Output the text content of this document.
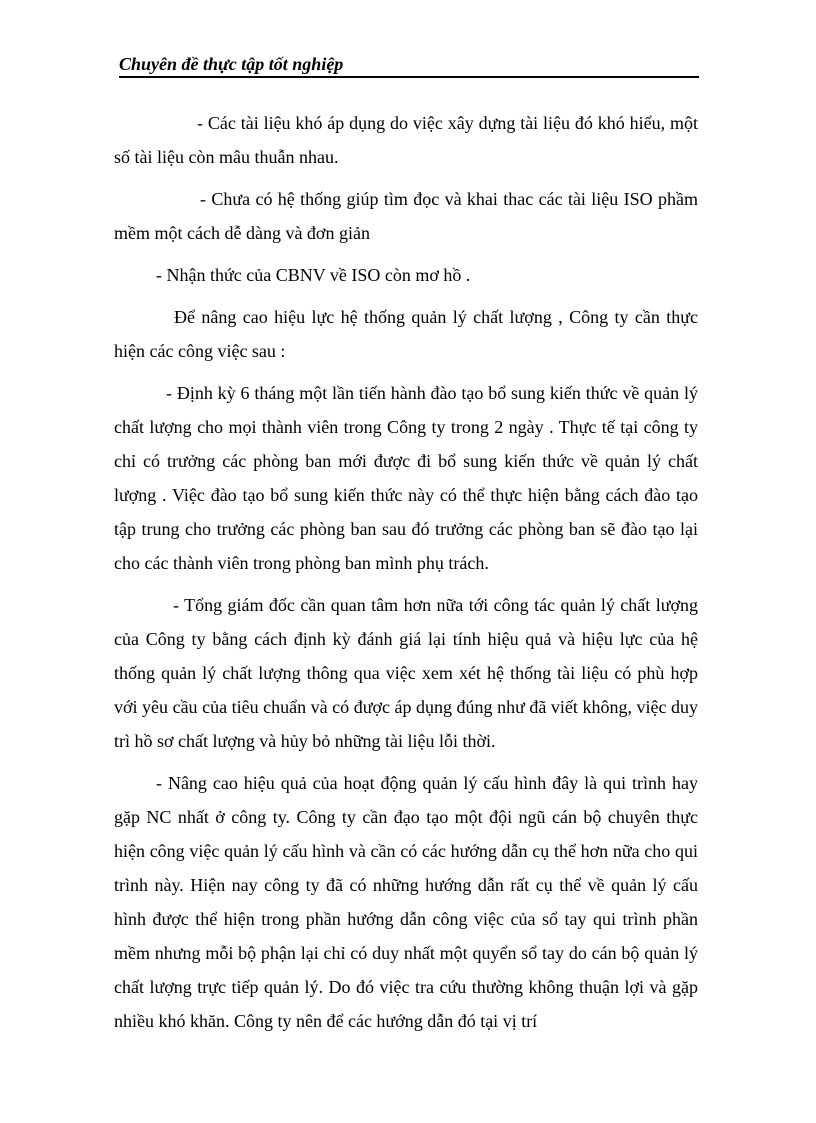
Chuyên đề thực tập tốt nghiệp

- Các tài liệu khó áp dụng do việc xây dựng tài liệu đó khó hiểu, một số tài liệu còn mâu thuẫn nhau.

- Chưa có hệ thống giúp tìm đọc và khai thac các tài liệu ISO phầm mềm một cách dễ dàng và đơn giản

- Nhận thức của CBNV về ISO còn mơ hồ .

Để nâng cao hiệu lực hệ thống quản lý chất lượng , Công ty cần thực hiện các công việc sau :

- Định kỳ 6 tháng một lần tiến hành đào tạo bổ sung kiến thức về quản lý chất lượng cho mọi thành viên trong Công ty trong 2 ngày . Thực tế tại công ty chỉ có trưởng các phòng ban mới được đi bổ sung kiến thức về quản lý chất lượng . Việc đào tạo bổ sung kiến thức này có thể thực hiện bằng cách đào tạo tập trung cho trưởng các phòng ban sau đó trưởng các phòng ban sẽ đào tạo lại cho các thành viên trong phòng ban mình phụ trách.

- Tổng giám đốc cần quan tâm hơn nữa tới công tác quản lý chất lượng của Công ty bằng cách định kỳ đánh giá lại tính hiệu quả và hiệu lực của hệ thống quản lý chất lượng thông qua việc xem xét hệ thống tài liệu có phù hợp với yêu cầu của tiêu chuẩn và có được áp dụng đúng như đã viết không, việc duy trì hồ sơ chất lượng và hủy bỏ những tài liệu lỗi thời.

- Nâng cao hiệu quả của hoạt động quản lý cấu hình đây là qui trình hay gặp NC nhất ở công ty. Công ty cần đạo tạo một đội ngũ cán bộ chuyên thực hiện công việc quản lý cấu hình và cần có các hướng dẫn cụ thể hơn nữa cho qui trình này. Hiện nay công ty đã có những hướng dẫn rất cụ thể về quản lý cấu hình được thể hiện trong phần hướng dẫn công việc của sổ tay qui trình phần mềm nhưng mỗi bộ phận lại chỉ có duy nhất một quyển sổ tay do cán bộ quản lý chất lượng trực tiếp quản lý. Do đó việc tra cứu thường không thuận lợi và gặp nhiều khó khăn. Công ty nên để các hướng dẫn đó tại vị trí
